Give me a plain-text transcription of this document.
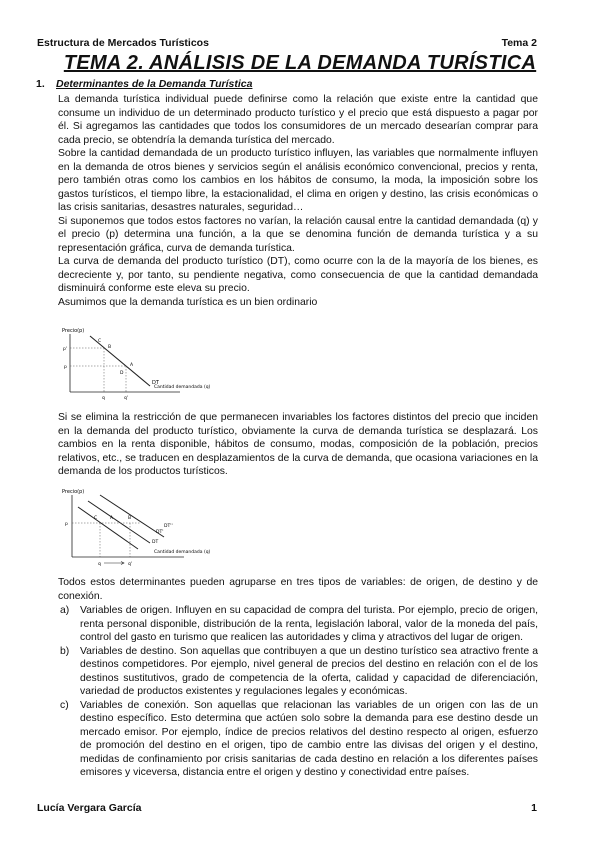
Estructura de Mercados Turísticos	Tema 2
TEMA 2. ANÁLISIS DE LA DEMANDA TURÍSTICA
1. Determinantes de la Demanda Turística

La demanda turística individual puede definirse como la relación que existe entre la cantidad que consume un individuo de un determinado producto turístico y el precio que está dispuesto a pagar por él. Si agregamos las cantidades que todos los consumidores de un mercado desearían comprar para cada precio, se obtendría la demanda turística del mercado.

Sobre la cantidad demandada de un producto turístico influyen, las variables que normalmente influyen en la demanda de otros bienes y servicios según el análisis económico convencional, precios y renta, pero también otras como los cambios en los hábitos de consumo, la moda, la imposición sobre los gastos turísticos, el tiempo libre, la estacionalidad, el clima en origen y destino, las crisis económicas o las crisis sanitarias, desastres naturales, seguridad…

Si suponemos que todos estos factores no varían, la relación causal entre la cantidad demandada (q) y el precio (p) determina una función, a la que se denomina función de demanda turística y a su representación gráfica, curva de demanda turística.

La curva de demanda del producto turístico (DT), como ocurre con la de la mayoría de los bienes, es decreciente y, por tanto, su pendiente negativa, como consecuencia de que la cantidad demandada disminuirá conforme este eleva su precio.

Asumimos que la demanda turística es un bien ordinario

Precio(p)
Cantidad demandada (q)
DT
C
B
A
D
p'
p
q	q'

Si se elimina la restricción de que permanecen invariables los factores distintos del precio que inciden en la demanda del producto turístico, obviamente la curva de demanda turística se desplazará. Los cambios en la renta disponible, hábitos de consumo, modas, composición de la población, precios relativos, etc., se traducen en desplazamientos de la curva de demanda, que ocasiona variaciones en la demanda de los productos turísticos.

Precio(p)
Cantidad demandada (q)
DT
DT'
DT''
C	A	B
p
q	q'

Todos estos determinantes pueden agruparse en tres tipos de variables: de origen, de destino y de conexión.

a) Variables de origen. Influyen en su capacidad de compra del turista. Por ejemplo, precio de origen, renta personal disponible, distribución de la renta, legislación laboral, valor de la moneda del país, control del gasto en turismo que realicen las autoridades y clima y atractivos del lugar de origen.
b) Variables de destino. Son aquellas que contribuyen a que un destino turístico sea atractivo frente a destinos competidores. Por ejemplo, nivel general de precios del destino en relación con el de los destinos sustitutivos, grado de competencia de la oferta, calidad y capacidad de diferenciación, variedad de productos existentes y regulaciones legales y económicas.
c) Variables de conexión. Son aquellas que relacionan las variables de un origen con las de un destino específico. Esto determina que actúen solo sobre la demanda para ese destino desde un mercado emisor. Por ejemplo, índice de precios relativos del destino respecto al origen, esfuerzo de promoción del destino en el origen, tipo de cambio entre las divisas del origen y el destino, medidas de confinamiento por crisis sanitarias de cada destino en relación a los diferentes países emisores y viceversa, distancia entre el origen y destino y conectividad entre países.
Lucía Vergara García	1
